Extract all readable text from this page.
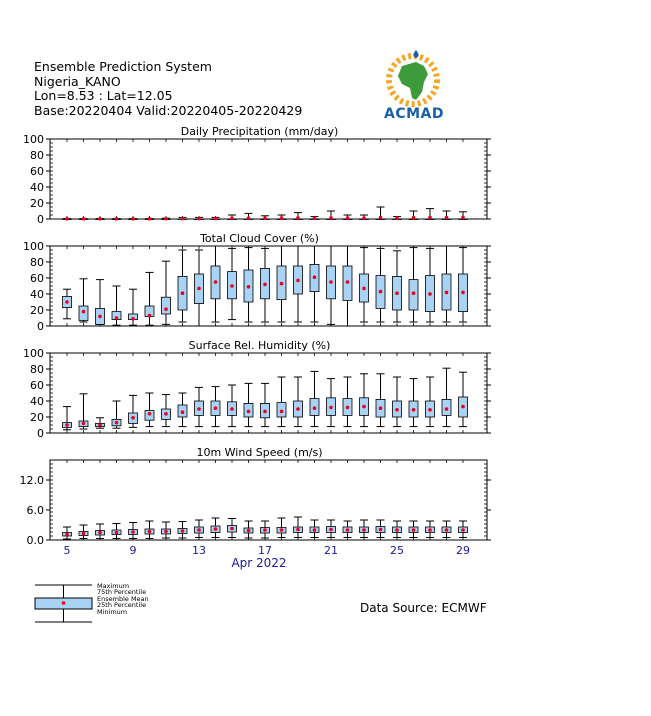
Ensemble Prediction System
Nigeria_KANO
Lon=8.53 : Lat=12.05
Base:20220404 Valid:20220405-20220429	ACMAD
Daily Precipitation (mm/day)
0
20
40
60
80
100
Total Cloud Cover (%)
0
20
40
60
80
100
Surface Rel. Humidity (%)
0
20
40
60
80
100
10m Wind Speed (m/s)
0.0
6.0
12.0
5	9	13	17	21	25	29
Apr 2022
Maximum
75th Percentile
Ensemble Mean
25th Percentile
Minimum	Data Source: ECMWF
